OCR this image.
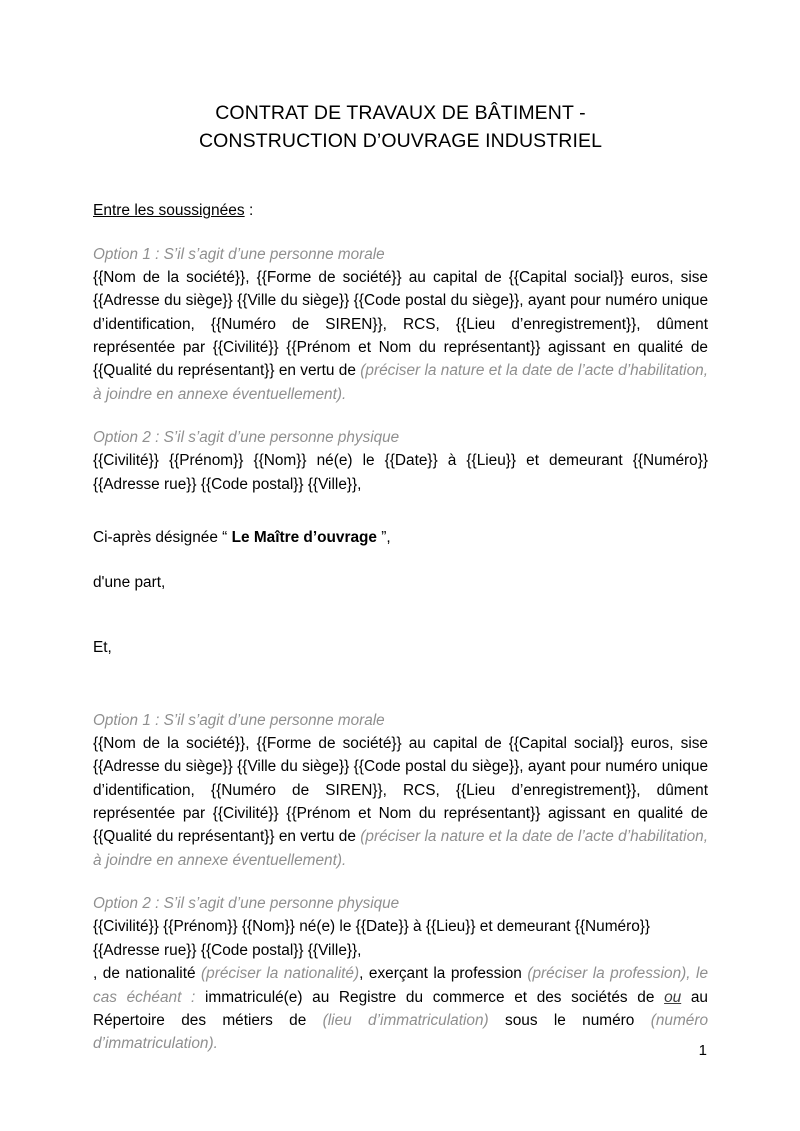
CONTRAT DE TRAVAUX DE BÂTIMENT -
CONSTRUCTION D’OUVRAGE INDUSTRIEL

Entre les soussignées :

Option 1 : S’il s’agit d’une personne morale

{{Nom de la société}}, {{Forme de société}} au capital de {{Capital social}} euros, sise {{Adresse du siège}} {{Ville du siège}} {{Code postal du siège}}, ayant pour numéro unique d’identification, {{Numéro de SIREN}}, RCS, {{Lieu d’enregistrement}}, dûment représentée par {{Civilité}} {{Prénom et Nom du représentant}} agissant en qualité de {{Qualité du représentant}} en vertu de (préciser la nature et la date de l’acte d’habilitation, à joindre en annexe éventuellement).

Option 2 : S’il s’agit d’une personne physique

{{Civilité}} {{Prénom}} {{Nom}} né(e) le {{Date}} à {{Lieu}} et demeurant {{Numéro}} {{Adresse rue}} {{Code postal}} {{Ville}},

Ci-après désignée “ Le Maître d’ouvrage ”,

d'une part,

Et,

Option 1 : S’il s’agit d’une personne morale

{{Nom de la société}}, {{Forme de société}} au capital de {{Capital social}} euros, sise {{Adresse du siège}} {{Ville du siège}} {{Code postal du siège}}, ayant pour numéro unique d’identification, {{Numéro de SIREN}}, RCS, {{Lieu d’enregistrement}}, dûment représentée par {{Civilité}} {{Prénom et Nom du représentant}} agissant en qualité de {{Qualité du représentant}} en vertu de (préciser la nature et la date de l’acte d’habilitation, à joindre en annexe éventuellement).

Option 2 : S’il s’agit d’une personne physique

{{Civilité}} {{Prénom}} {{Nom}} né(e) le {{Date}} à {{Lieu}} et demeurant {{Numéro}} {{Adresse rue}} {{Code postal}} {{Ville}},

, de nationalité (préciser la nationalité), exerçant la profession (préciser la profession), le cas échéant : immatriculé(e) au Registre du commerce et des sociétés de ou au Répertoire des métiers de (lieu d’immatriculation) sous le numéro (numéro d’immatriculation).	1
